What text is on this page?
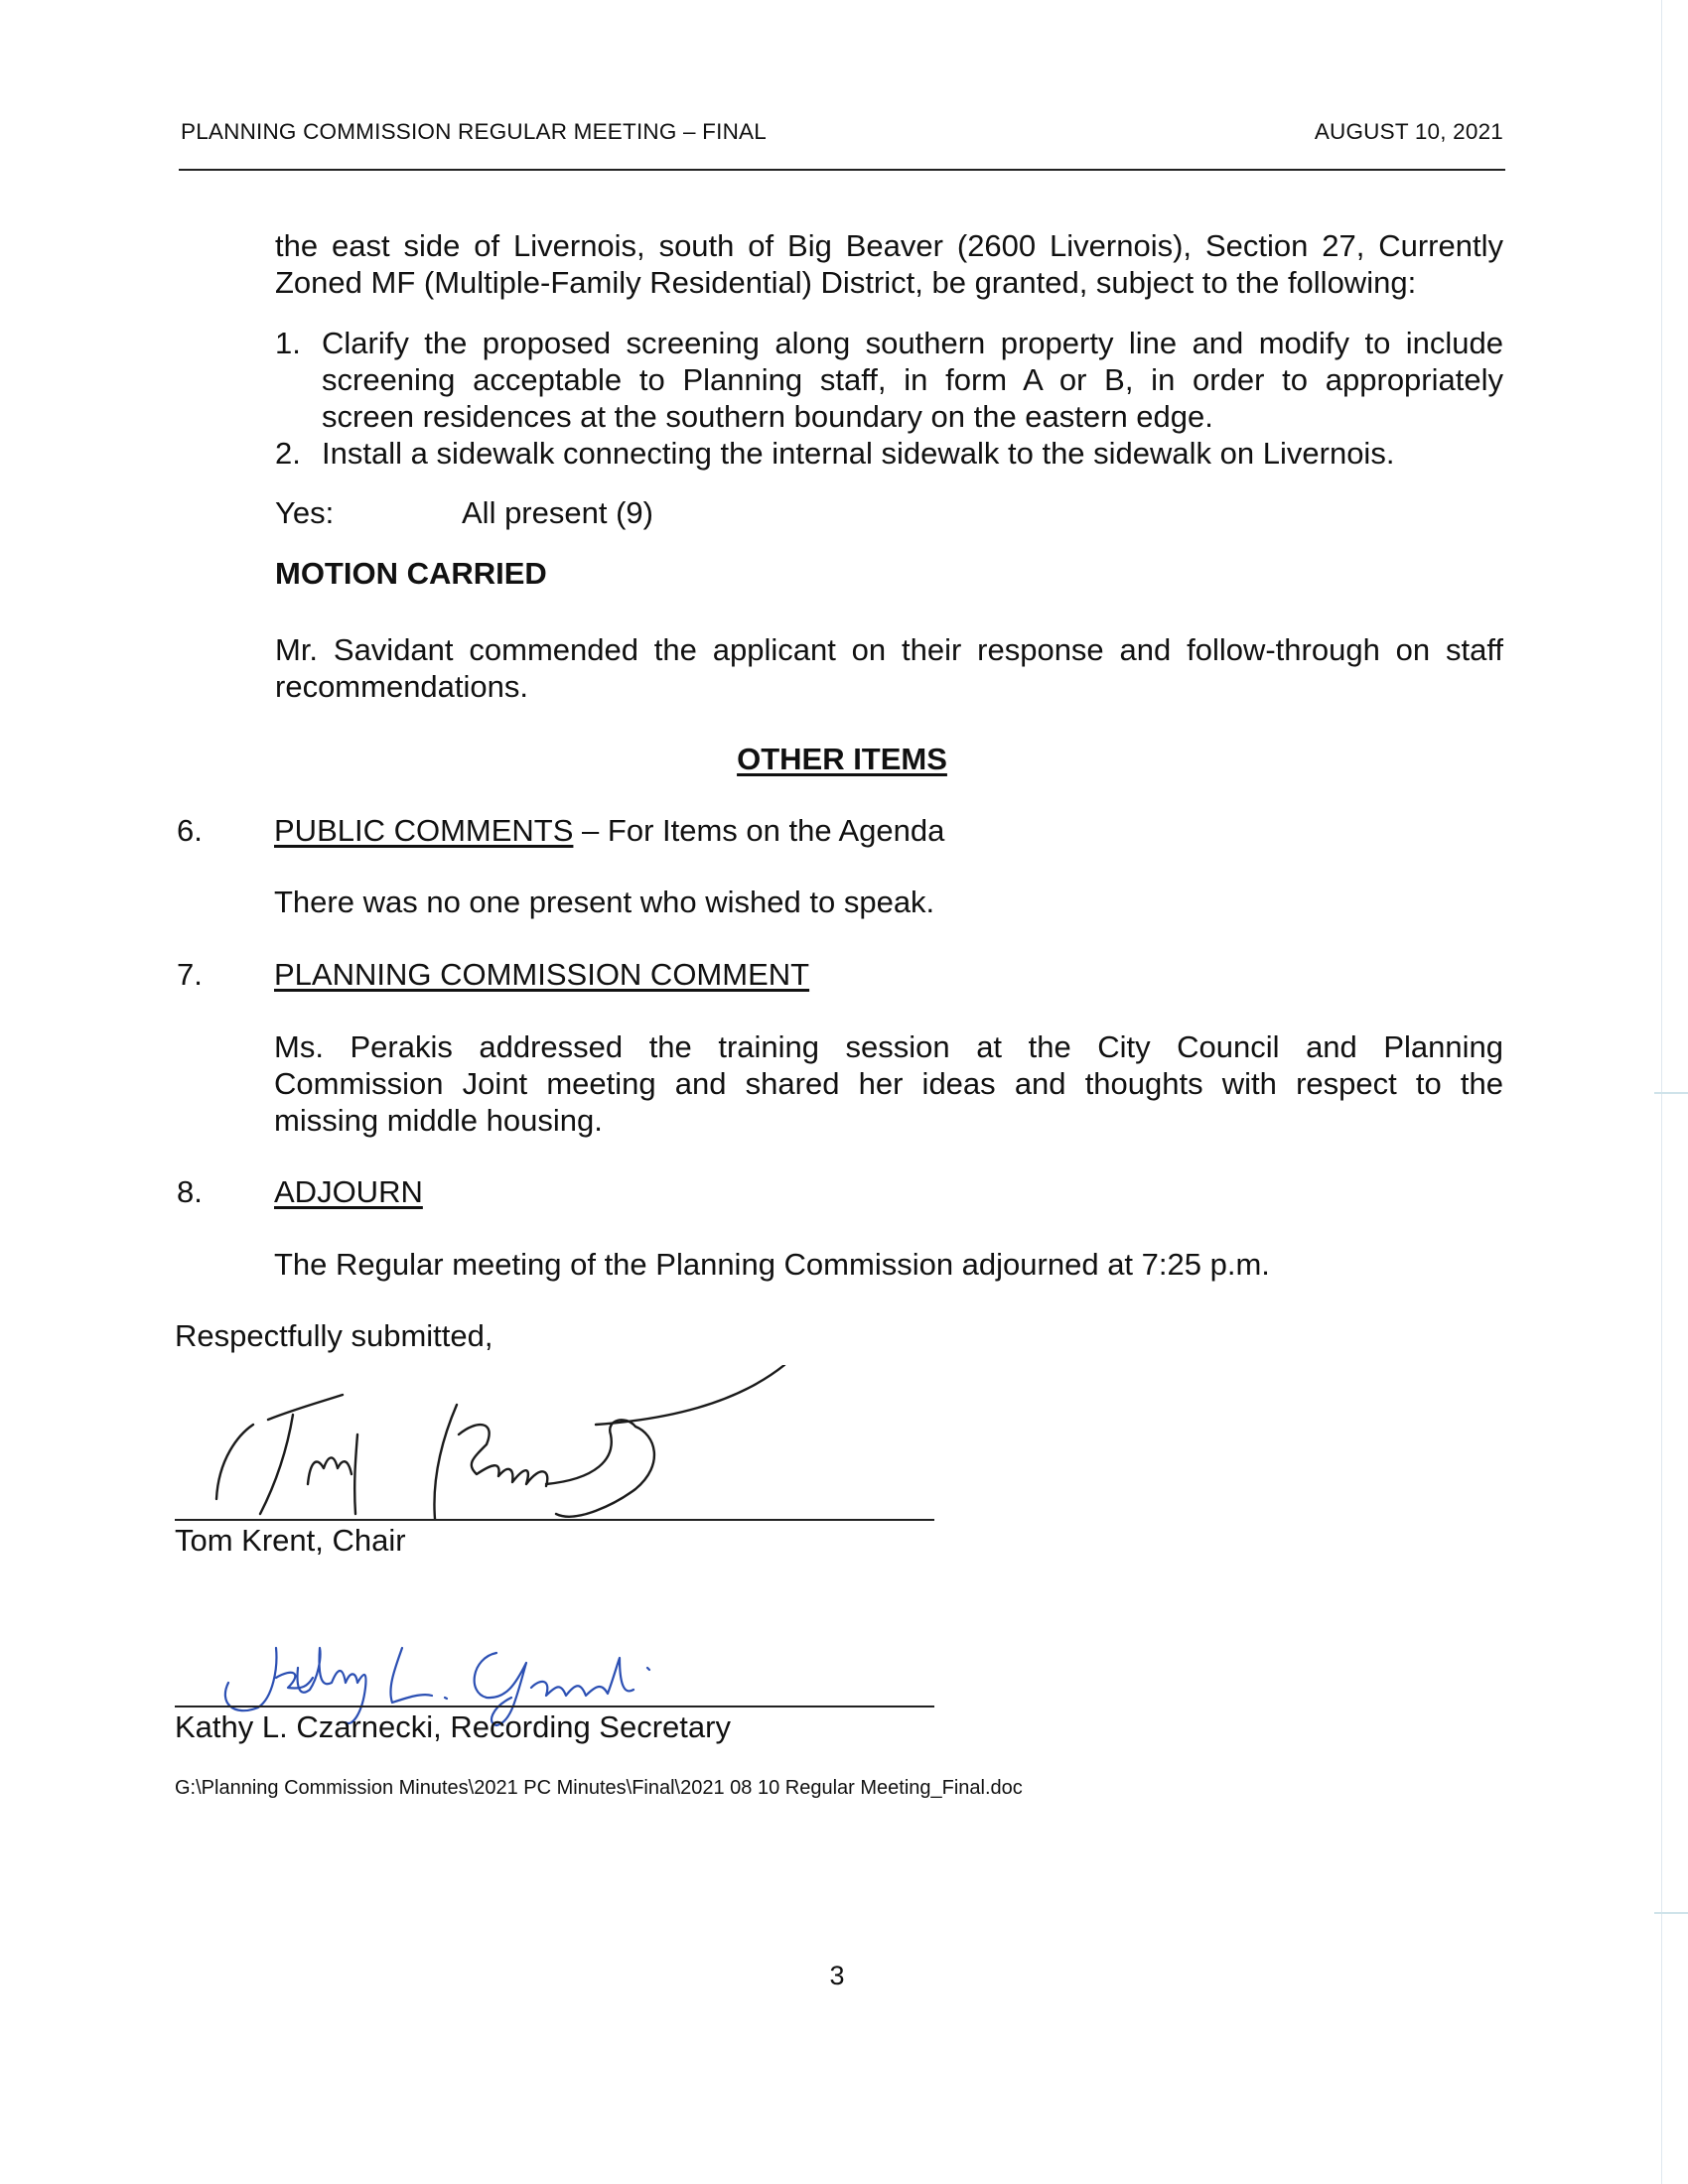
PLANNING COMMISSION REGULAR MEETING – FINAL	AUGUST 10, 2021
the east side of Livernois, south of Big Beaver (2600 Livernois), Section 27, Currently
Zoned MF (Multiple-Family Residential) District, be granted, subject to the following:
1. Clarify the proposed screening along southern property line and modify to include
screening acceptable to Planning staff, in form A or B, in order to appropriately
screen residences at the southern boundary on the eastern edge.
2. Install a sidewalk connecting the internal sidewalk to the sidewalk on Livernois.
Yes:	All present (9)
MOTION CARRIED
Mr. Savidant commended the applicant on their response and follow-through on staff
recommendations.
OTHER ITEMS
6. PUBLIC COMMENTS – For Items on the Agenda
There was no one present who wished to speak.
7. PLANNING COMMISSION COMMENT
Ms. Perakis addressed the training session at the City Council and Planning
Commission Joint meeting and shared her ideas and thoughts with respect to the
missing middle housing.
8. ADJOURN
The Regular meeting of the Planning Commission adjourned at 7:25 p.m.
Respectfully submitted,
Tom Krent, Chair
Kathy L. Czarnecki, Recording Secretary
G:\Planning Commission Minutes\2021 PC Minutes\Final\2021 08 10 Regular Meeting_Final.doc
3
